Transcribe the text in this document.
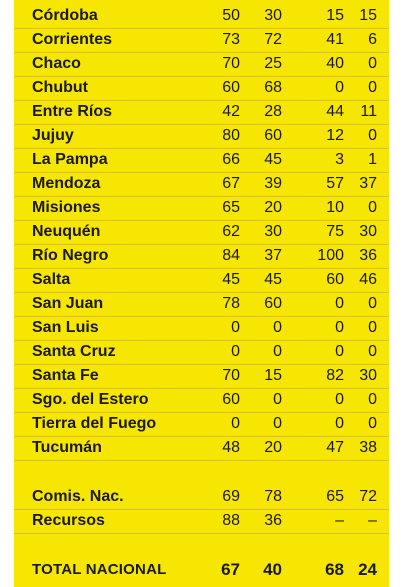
Córdoba	50	30	15 15
Corrientes	73	72	41	6
Chaco	70	25	40	0
Chubut	60	68	0	0
Entre Ríos	42	28	44	11
Jujuy	80	60	12	0
La Pampa	66	45	3	1
Mendoza	67	39	57 37
Misiones	65	20	10	0
Neuquén	62	30	75 30
Río Negro	84	37	100 36
Salta	45	45	60 46
San Juan	78	60	0	0
San Luis	0	0	0	0
Santa Cruz	0	0	0	0
Santa Fe	70	15	82 30
Sgo. del Estero	60	0	0	0
Tierra del Fuego	0	0	0	0
Tucumán	48	20	47 38
Comis. Nac.	69	78	65 72
Recursos	88	36	–	–
TOTAL NACIONAL	67	40	68 24
